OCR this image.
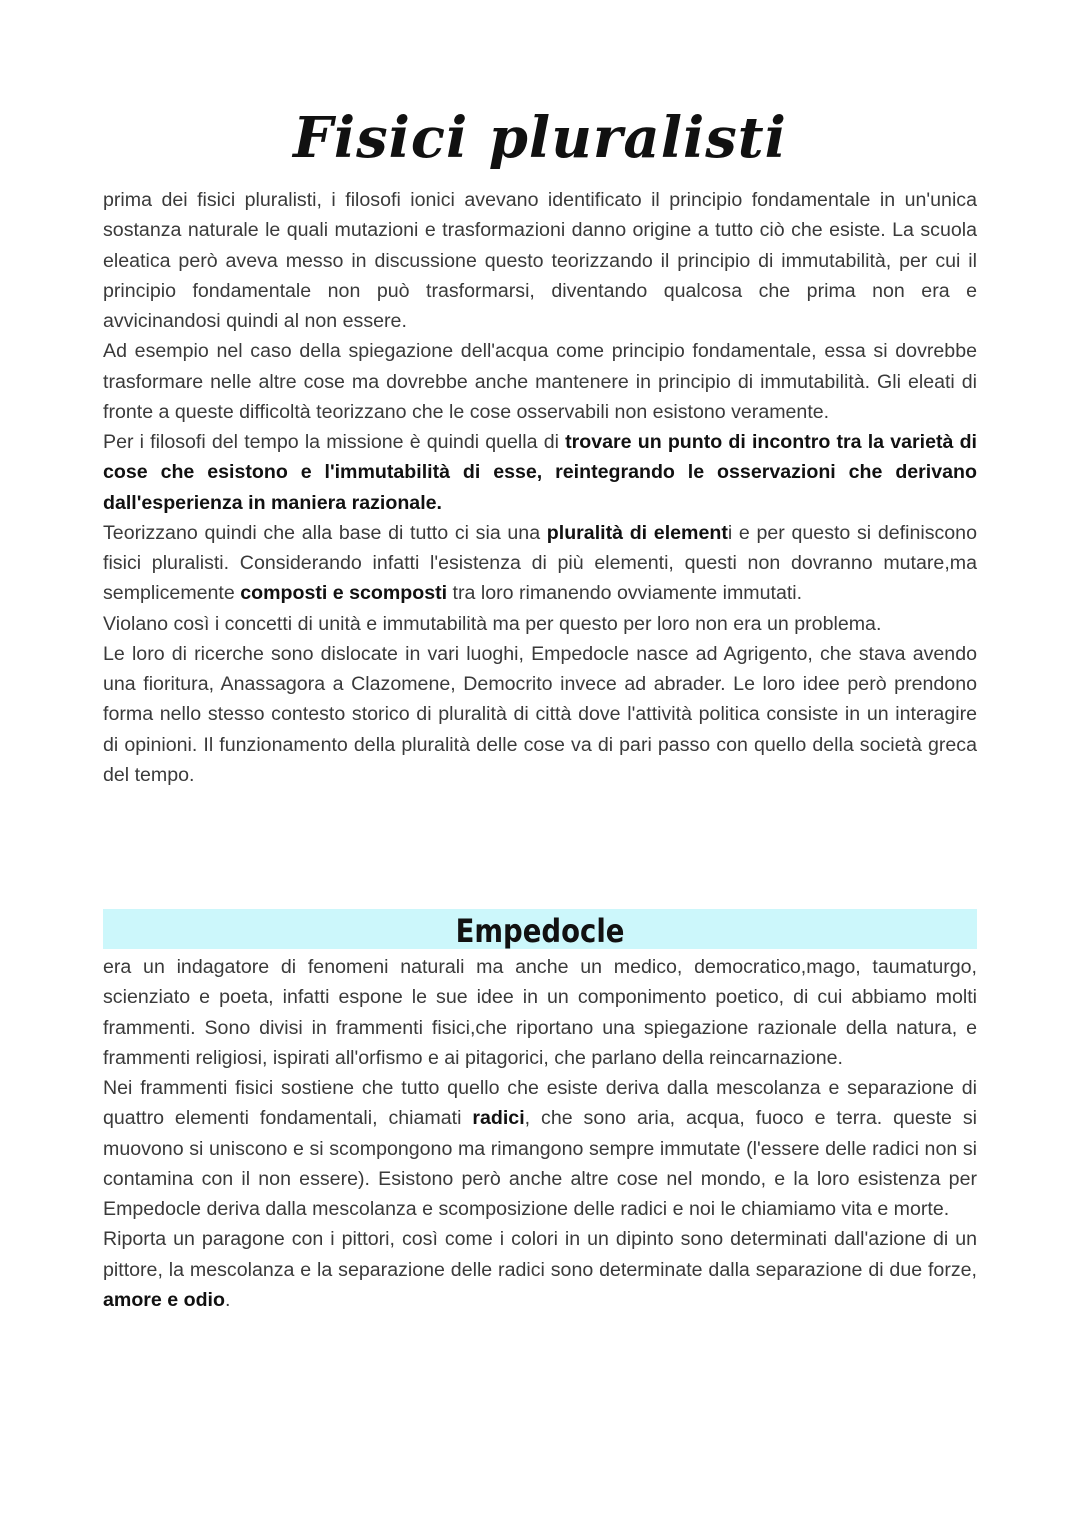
Fisici pluralisti

prima dei fisici pluralisti, i filosofi ionici avevano identificato il principio fondamentale in un'unica sostanza naturale le quali mutazioni e trasformazioni danno origine a tutto ciò che esiste. La scuola eleatica però aveva messo in discussione questo teorizzando il principio di immutabilità, per cui il principio fondamentale non può trasformarsi, diventando qualcosa che prima non era e avvicinandosi quindi al non essere.

Ad esempio nel caso della spiegazione dell'acqua come principio fondamentale, essa si dovrebbe trasformare nelle altre cose ma dovrebbe anche mantenere in principio di immutabilità. Gli eleati di fronte a queste difficoltà teorizzano che le cose osservabili non esistono veramente.

Per i filosofi del tempo la missione è quindi quella di trovare un punto di incontro tra la varietà di cose che esistono e l'immutabilità di esse, reintegrando le osservazioni che derivano dall'esperienza in maniera razionale.

Teorizzano quindi che alla base di tutto ci sia una pluralità di elementi e per questo si definiscono fisici pluralisti. Considerando infatti l'esistenza di più elementi, questi non dovranno mutare,ma semplicemente composti e scomposti tra loro rimanendo ovviamente immutati.

Violano così i concetti di unità e immutabilità ma per questo per loro non era un problema.

Le loro di ricerche sono dislocate in vari luoghi, Empedocle nasce ad Agrigento, che stava avendo una fioritura, Anassagora a Clazomene, Democrito invece ad abrader. Le loro idee però prendono forma nello stesso contesto storico di pluralità di città dove l'attività politica consiste in un interagire di opinioni. Il funzionamento della pluralità delle cose va di pari passo con quello della società greca del tempo.

Empedocle

era un indagatore di fenomeni naturali ma anche un medico, democratico,mago, taumaturgo, scienziato e poeta, infatti espone le sue idee in un componimento poetico, di cui abbiamo molti frammenti. Sono divisi in frammenti fisici,che riportano una spiegazione razionale della natura, e frammenti religiosi, ispirati all'orfismo e ai pitagorici, che parlano della reincarnazione.

Nei frammenti fisici sostiene che tutto quello che esiste deriva dalla mescolanza e separazione di quattro elementi fondamentali, chiamati radici, che sono aria, acqua, fuoco e terra. queste si muovono si uniscono e si scompongono ma rimangono sempre immutate (l'essere delle radici non si contamina con il non essere). Esistono però anche altre cose nel mondo, e la loro esistenza per Empedocle deriva dalla mescolanza e scomposizione delle radici e noi le chiamiamo vita e morte.

Riporta un paragone con i pittori, così come i colori in un dipinto sono determinati dall'azione di un pittore, la mescolanza e la separazione delle radici sono determinate dalla separazione di due forze, amore e odio.
